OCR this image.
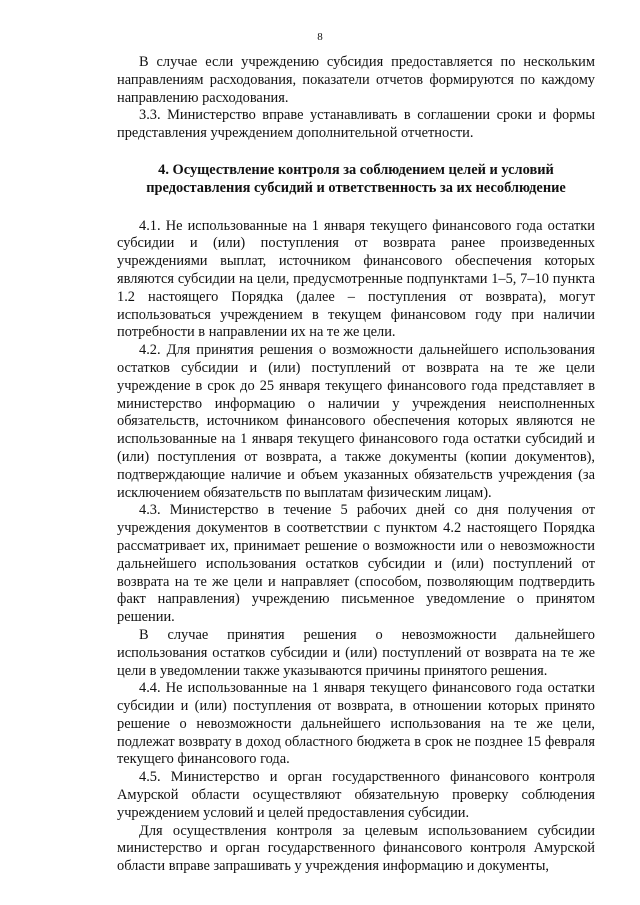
8

В случае если учреждению субсидия предоставляется по нескольким направлениям расходования, показатели отчетов формируются по каждому направлению расходования.

3.3. Министерство вправе устанавливать в соглашении сроки и формы представления учреждением дополнительной отчетности.

4. Осуществление контроля за соблюдением целей и условий предоставления субсидий и ответственность за их несоблюдение

4.1. Не использованные на 1 января текущего финансового года остатки субсидии и (или) поступления от возврата ранее произведенных учреждениями выплат, источником финансового обеспечения которых являются субсидии на цели, предусмотренные подпунктами 1–5, 7–10 пункта 1.2 настоящего Порядка (далее – поступления от возврата), могут использоваться учреждением в текущем финансовом году при наличии потребности в направлении их на те же цели.

4.2. Для принятия решения о возможности дальнейшего использования остатков субсидии и (или) поступлений от возврата на те же цели учреждение в срок до 25 января текущего финансового года представляет в министерство информацию о наличии у учреждения неисполненных обязательств, источником финансового обеспечения которых являются не использованные на 1 января текущего финансового года остатки субсидий и (или) поступления от возврата, а также документы (копии документов), подтверждающие наличие и объем указанных обязательств учреждения (за исключением обязательств по выплатам физическим лицам).

4.3. Министерство в течение 5 рабочих дней со дня получения от учреждения документов в соответствии с пунктом 4.2 настоящего Порядка рассматривает их, принимает решение о возможности или о невозможности дальнейшего использования остатков субсидии и (или) поступлений от возврата на те же цели и направляет (способом, позволяющим подтвердить факт направления) учреждению письменное уведомление о принятом решении.

В случае принятия решения о невозможности дальнейшего использования остатков субсидии и (или) поступлений от возврата на те же цели в уведомлении также указываются причины принятого решения.

4.4. Не использованные на 1 января текущего финансового года остатки субсидии и (или) поступления от возврата, в отношении которых принято решение о невозможности дальнейшего использования на те же цели, подлежат возврату в доход областного бюджета в срок не позднее 15 февраля текущего финансового года.

4.5. Министерство и орган государственного финансового контроля Амурской области осуществляют обязательную проверку соблюдения учреждением условий и целей предоставления субсидии.

Для осуществления контроля за целевым использованием субсидии министерство и орган государственного финансового контроля Амурской области вправе запрашивать у учреждения информацию и документы,
